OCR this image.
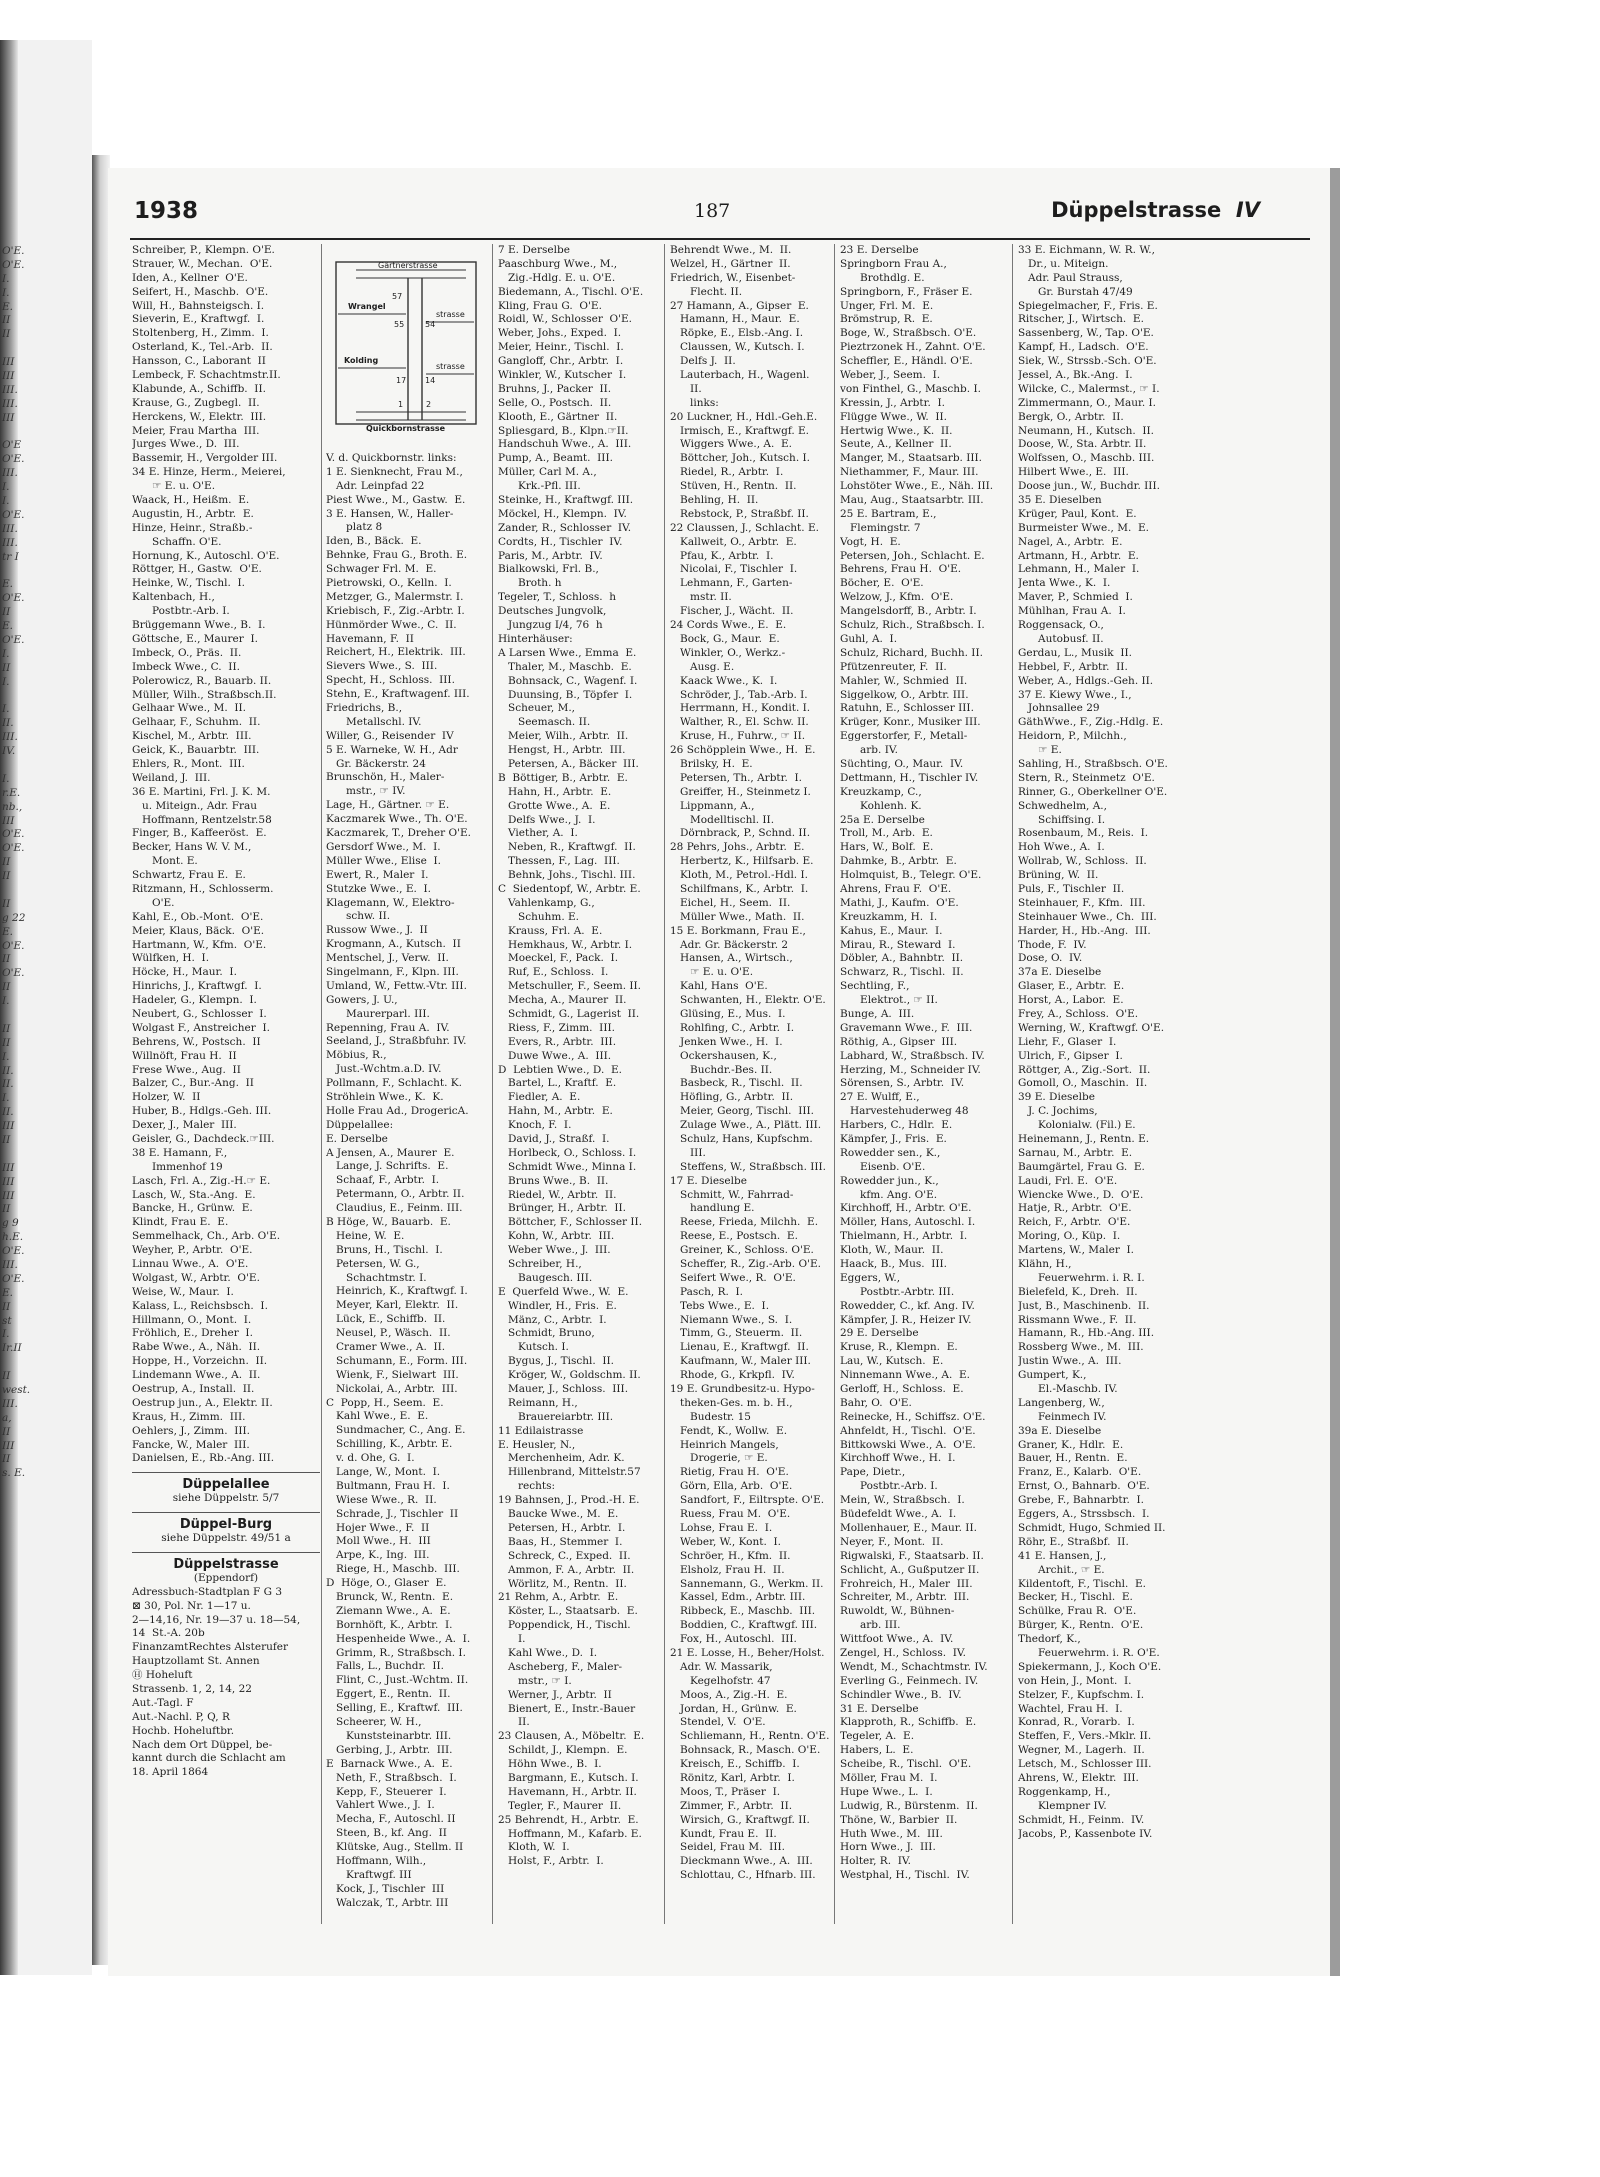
O'E.
O'E.
I.
I.
E.
II
II
III
III
III.
III.
III
O'E
O'E.
III.
I.
I.
O'E.
III.
III.
tr I
E.
O'E.
II
E.
O'E.
I.
II
I.
I.
II.
III.
IV.
I.
r.E.
nb.,
III
O'E.
O'E.
II
II
II
g 22
E.
O'E.
II
O'E.
II
I.
II
II
I.
II.
II.
I.
II.
III
II
III
III
III
II
g 9
h.E.
O'E.
III.
O'E.
E.
II
st
I.
Ir.II
II
west.
III.
a,
II
III
II
s. E.
1938	187	Düppelstrasse IV

Schreiber, P., Klempn. O'E.

Strauer, W., Mechan.  O'E.

Iden, A., Kellner  O'E.

Seifert, H., Maschb.  O'E.

Will, H., Bahnsteigsch. I.

Sieverin, E., Kraftwgf.  I.

Stoltenberg, H., Zimm.  I.

Osterland, K., Tel.-Arb.  II.

Hansson, C., Laborant  II

Lembeck, F. Schachtmstr.II.

Klabunde, A., Schiffb.  II.

Krause, G., Zugbegl.  II.

Herckens, W., Elektr.  III.

Meier, Frau Martha  III.

Jurges Wwe., D.  III.

Bassemir, H., Vergolder III.

34 E. Hinze, Herm., Meierei,

☞ E. u. O'E.

Waack, H., Heißm.  E.

Augustin, H., Arbtr.  E.

Hinze, Heinr., Straßb.-

Schaffn. O'E.

Hornung, K., Autoschl. O'E.

Röttger, H., Gastw.  O'E.

Heinke, W., Tischl.  I.

Kaltenbach, H.,

Postbtr.-Arb. I.

Brüggemann Wwe., B.  I.

Göttsche, E., Maurer  I.

Imbeck, O., Präs.  II.

Imbeck Wwe., C.  II.

Polerowicz, R., Bauarb. II.

Müller, Wilh., Straßbsch.II.

Gelhaar Wwe., M.  II.

Gelhaar, F., Schuhm.  II.

Kischel, M., Arbtr.  III.

Geick, K., Bauarbtr.  III.

Ehlers, R., Mont.  III.

Weiland, J.  III.

36 E. Martini, Frl. J. K. M.

u. Miteign., Adr. Frau

Hoffmann, Rentzelstr.58

Finger, B., Kaffeeröst.  E.

Becker, Hans W. V. M.,

Mont. E.

Schwartz, Frau E.  E.

Ritzmann, H., Schlosserm.

O'E.

Kahl, E., Ob.-Mont.  O'E.

Meier, Klaus, Bäck.  O'E.

Hartmann, W., Kfm.  O'E.

Wülfken, H.  I.

Höcke, H., Maur.  I.

Hinrichs, J., Kraftwgf.  I.

Hadeler, G., Klempn.  I.

Neubert, G., Schlosser  I.

Wolgast F., Anstreicher  I.

Behrens, W., Postsch.  II

Willnöft, Frau H.  II

Frese Wwe., Aug.  II

Balzer, C., Bur.-Ang.  II

Holzer, W.  II

Huber, B., Hdlgs.-Geh. III.

Dexer, J., Maler  III.

Geisler, G., Dachdeck.☞III.

38 E. Hamann, F.,

Immenhof 19

Lasch, Frl. A., Zig.-H.☞ E.

Lasch, W., Sta.-Ang.  E.

Bancke, H., Grünw.  E.

Klindt, Frau E.  E.

Semmelhack, Ch., Arb. O'E.

Weyher, P., Arbtr.  O'E.

Linnau Wwe., A.  O'E.

Wolgast, W., Arbtr.  O'E.

Weise, W., Maur.  I.

Kalass, L., Reichsbsch.  I.

Hillmann, O., Mont.  I.

Fröhlich, E., Dreher  I.

Rabe Wwe., A., Näh.  II.

Hoppe, H., Vorzeichn.  II.

Lindemann Wwe., A.  II.

Oestrup, A., Install.  II.

Oestrup jun., A., Elektr. II.

Kraus, H., Zimm.  III.

Oehlers, J., Zimm.  III.

Fancke, W., Maler  III.

Danielsen, E., Rb.-Ang. III.

Düppelallee

siehe Düppelstr. 5/7

Düppel-Burg

siehe Düppelstr. 49/51 a

Düppelstrasse

(Eppendorf)

Adressbuch-Stadtplan F G 3

⊠ 30, Pol. Nr. 1—17 u.

2—14,16, Nr. 19—37 u. 18—54,

14  St.-A. 20b

FinanzamtRechtes Alsterufer

Hauptzollamt St. Annen

Ⓗ Hoheluft

Strassenb. 1, 2, 14, 22

Aut.-Tagl. F

Aut.-Nachl. P, Q, R

Hochb. Hoheluftbr.

Nach dem Ort Düppel, be-

kannt durch die Schlacht am

18. April 1864

Gärtnerstrasse
Wrangel
strasse
Kolding
strasse
Quickbornstrasse
57
55	54
17 14
1	2

V. d. Quickbornstr. links:

1 E. Sienknecht, Frau M.,

Adr. Leinpfad 22

Piest Wwe., M., Gastw.  E.

3 E. Hansen, W., Haller-

platz 8

Iden, B., Bäck.  E.

Behnke, Frau G., Broth. E.

Schwager Frl. M.  E.

Pietrowski, O., Kelln.  I.

Metzger, G., Malermstr. I.

Kriebisch, F., Zig.-Arbtr. I.

Hünmörder Wwe., C.  II.

Havemann, F.  II

Reichert, H., Elektrik.  III.

Sievers Wwe., S.  III.

Specht, H., Schloss.  III.

Stehn, E., Kraftwagenf. III.

Friedrichs, B.,

Metallschl. IV.

Willer, G., Reisender  IV

5 E. Warneke, W. H., Adr

Gr. Bäckerstr. 24

Brunschön, H., Maler-

mstr., ☞ IV.

Lage, H., Gärtner. ☞ E.

Kaczmarek Wwe., Th. O'E.

Kaczmarek, T., Dreher O'E.

Gersdorf Wwe., M.  I.

Müller Wwe., Elise  I.

Ewert, R., Maler  I.

Stutzke Wwe., E.  I.

Klagemann, W., Elektro-

schw. II.

Russow Wwe., J.  II

Krogmann, A., Kutsch.  II

Mentschel, J., Verw.  II.

Singelmann, F., Klpn. III.

Umland, W., Fettw.-Vtr. III.

Gowers, J. U.,

Maurerparl. III.

Repenning, Frau A.  IV.

Seeland, J., Straßbfuhr. IV.

Möbius, R.,

Just.-Wchtm.a.D. IV.

Pollmann, F., Schlacht. K.

Ströhlein Wwe., K.  K.

Holle Frau Ad., DrogericA.

Düppelallee:

E. Derselbe

A Jensen, A., Maurer  E.

Lange, J. Schrifts.  E.

Schaaf, F., Arbtr.  I.

Petermann, O., Arbtr. II.

Claudius, E., Feinm. III.

B Höge, W., Bauarb.  E.

Heine, W.  E.

Bruns, H., Tischl.  I.

Petersen, W. G.,

Schachtmstr. I.

Heinrich, K., Kraftwgf. I.

Meyer, Karl, Elektr.  II.

Lück, E., Schiffb.  II.

Neusel, P., Wäsch.  II.

Cramer Wwe., A.  II.

Schumann, E., Form. III.

Wienk, F., Sielwart  III.

Nickolai, A., Arbtr.  III.

C  Popp, H., Seem.  E.

Kahl Wwe., E.  E.

Sundmacher, C., Ang. E.

Schilling, K., Arbtr. E.

v. d. Ohe, G.  I.

Lange, W., Mont.  I.

Bultmann, Frau H.  I.

Wiese Wwe., R.  II.

Schrade, J., Tischler  II

Hojer Wwe., F.  II

Moll Wwe., H.  III

Arpe, K., Ing.  III.

Riege, H., Maschb.  III.

D  Höge, O., Glaser  E.

Brunck, W., Rentn.  E.

Ziemann Wwe., A.  E.

Bornhöft, K., Arbtr.  I.

Hespenheide Wwe., A.  I.

Grimm, R., Straßbsch. I.

Falls, L., Buchdr.  II.

Flint, C., Just.-Wchtm. II.

Eggert, E., Rentn.  II.

Selling, E., Kraftwf.  III.

Scheerer, W. H.,

Kunststeinarbtr. III.

Gerbing, J., Arbtr.  III.

E  Barnack Wwe., A.  E.

Neth, F., Straßbsch.  I.

Kepp, F., Steuerer  I.

Vahlert Wwe., J.  I.

Mecha, F., Autoschl. II

Steen, B., kf. Ang.  II

Klütske, Aug., Stellm. II

Hoffmann, Wilh.,

Kraftwgf. III

Kock, J., Tischler  III

Walczak, T., Arbtr. III

7 E. Derselbe

Paaschburg Wwe., M.,

Zig.-Hdlg. E. u. O'E.

Biedemann, A., Tischl. O'E.

Kling, Frau G.  O'E.

Roidl, W., Schlosser  O'E.

Weber, Johs., Exped.  I.

Meier, Heinr., Tischl.  I.

Gangloff, Chr., Arbtr.  I.

Winkler, W., Kutscher  I.

Bruhns, J., Packer  II.

Selle, O., Postsch.  II.

Klooth, E., Gärtner  II.

Spliesgard, B., Klpn.☞II.

Handschuh Wwe., A.  III.

Pump, A., Beamt.  III.

Müller, Carl M. A.,

Krk.-Pfl. III.

Steinke, H., Kraftwgf. III.

Möckel, H., Klempn.  IV.

Zander, R., Schlosser  IV.

Cordts, H., Tischler  IV.

Paris, M., Arbtr.  IV.

Bialkowski, Frl. B.,

Broth. h

Tegeler, T., Schloss.  h

Deutsches Jungvolk,

Jungzug I/4, 76  h

Hinterhäuser:

A Larsen Wwe., Emma  E.

Thaler, M., Maschb.  E.

Bohnsack, C., Wagenf. I.

Duunsing, B., Töpfer  I.

Scheuer, M.,

Seemasch. II.

Meier, Wilh., Arbtr.  II.

Hengst, H., Arbtr.  III.

Petersen, A., Bäcker  III.

B  Böttiger, B., Arbtr.  E.

Hahn, H., Arbtr.  E.

Grotte Wwe., A.  E.

Delfs Wwe., J.  I.

Viether, A.  I.

Neben, R., Kraftwgf.  II.

Thessen, F., Lag.  III.

Behnk, Johs., Tischl. III.

C  Siedentopf, W., Arbtr. E.

Vahlenkamp, G.,

Schuhm. E.

Krauss, Frl. A.  E.

Hemkhaus, W., Arbtr. I.

Moeckel, F., Pack.  I.

Ruf, E., Schloss.  I.

Metschuller, F., Seem. II.

Mecha, A., Maurer  II.

Schmidt, G., Lagerist  II.

Riess, F., Zimm.  III.

Evers, R., Arbtr.  III.

Duwe Wwe., A.  III.

D  Lebtien Wwe., D.  E.

Bartel, L., Kraftf.  E.

Fiedler, A.  E.

Hahn, M., Arbtr.  E.

Knoch, F.  I.

David, J., Straßf.  I.

Horlbeck, O., Schloss. I.

Schmidt Wwe., Minna I.

Bruns Wwe., B.  II.

Riedel, W., Arbtr.  II.

Brünger, H., Arbtr.  II.

Böttcher, F., Schlosser II.

Kohn, W., Arbtr.  III.

Weber Wwe., J.  III.

Schreiber, H.,

Baugesch. III.

E  Querfeld Wwe., W.  E.

Windler, H., Fris.  E.

Mänz, C., Arbtr.  I.

Schmidt, Bruno,

Kutsch. I.

Bygus, J., Tischl.  II.

Kröger, W., Goldschm. II.

Mauer, J., Schloss.  III.

Reimann, H.,

Brauereiarbtr. III.

11 Edilaistrasse

E. Heusler, N.,

Merchenheim, Adr. K.

Hillenbrand, Mittelstr.57

rechts:

19 Bahnsen, J., Prod.-H. E.

Baucke Wwe., M.  E.

Petersen, H., Arbtr.  I.

Baas, H., Stemmer  I.

Schreck, C., Exped.  II.

Ammon, F. A., Arbtr.  II.

Wörlitz, M., Rentn.  II.

21 Rehm, A., Arbtr.  E.

Köster, L., Staatsarb.  E.

Poppendick, H., Tischl.

I.

Kahl Wwe., D.  I.

Ascheberg, F., Maler-

mstr., ☞ I.

Werner, J., Arbtr.  II

Bienert, E., Instr.-Bauer

II.

23 Clausen, A., Möbeltr.  E.

Schildt, J., Klempn.  E.

Höhn Wwe., B.  I.

Bargmann, E., Kutsch. I.

Havemann, H., Arbtr. II.

Tegler, F., Maurer  II.

25 Behrendt, H., Arbtr.  E.

Hoffmann, M., Kafarb. E.

Kloth, W.  I.

Holst, F., Arbtr.  I.

Behrendt Wwe., M.  II.

Welzel, H., Gärtner  II.

Friedrich, W., Eisenbet-

Flecht. II.

27 Hamann, A., Gipser  E.

Hamann, H., Maur.  E.

Röpke, E., Elsb.-Ang. I.

Claussen, W., Kutsch. I.

Delfs J.  II.

Lauterbach, H., Wagenl.

II.

links:

20 Luckner, H., Hdl.-Geh.E.

Irmisch, E., Kraftwgf. E.

Wiggers Wwe., A.  E.

Böttcher, Joh., Kutsch. I.

Riedel, R., Arbtr.  I.

Stüven, H., Rentn.  II.

Behling, H.  II.

Rebstock, P., Straßbf. II.

22 Claussen, J., Schlacht. E.

Kallweit, O., Arbtr.  E.

Pfau, K., Arbtr.  I.

Nicolai, F., Tischler  I.

Lehmann, F., Garten-

mstr. II.

Fischer, J., Wächt.  II.

24 Cords Wwe., E.  E.

Bock, G., Maur.  E.

Winkler, O., Werkz.-

Ausg. E.

Kaack Wwe., K.  I.

Schröder, J., Tab.-Arb. I.

Herrmann, H., Kondit. I.

Walther, R., El. Schw. II.

Kruse, H., Fuhrw., ☞ II.

26 Schöpplein Wwe., H.  E.

Brilsky, H.  E.

Petersen, Th., Arbtr.  I.

Greiffer, H., Steinmetz I.

Lippmann, A.,

Modelltischl. II.

Dörnbrack, P., Schnd. II.

28 Pehrs, Johs., Arbtr.  E.

Herbertz, K., Hilfsarb. E.

Kloth, M., Petrol.-Hdl. I.

Schilfmans, K., Arbtr.  I.

Eichel, H., Seem.  II.

Müller Wwe., Math.  II.

15 E. Borkmann, Frau E.,

Adr. Gr. Bäckerstr. 2

Hansen, A., Wirtsch.,

☞ E. u. O'E.

Kahl, Hans  O'E.

Schwanten, H., Elektr. O'E.

Glüsing, E., Mus.  I.

Rohlfing, C., Arbtr.  I.

Jenken Wwe., H.  I.

Ockershausen, K.,

Buchdr.-Bes. II.

Basbeck, R., Tischl.  II.

Höfling, G., Arbtr.  II.

Meier, Georg, Tischl.  III.

Zulage Wwe., A., Plätt. III.

Schulz, Hans, Kupfschm.

III.

Steffens, W., Straßbsch. III.

17 E. Dieselbe

Schmitt, W., Fahrrad-

handlung E.

Reese, Frieda, Milchh.  E.

Reese, E., Postsch.  E.

Greiner, K., Schloss. O'E.

Scheffer, R., Zig.-Arb. O'E.

Seifert Wwe., R.  O'E.

Pasch, R.  I.

Tebs Wwe., E.  I.

Niemann Wwe., S.  I.

Timm, G., Steuerm.  II.

Lienau, E., Kraftwgf.  II.

Kaufmann, W., Maler III.

Rhode, G., Krkpfl.  IV.

19 E. Grundbesitz-u. Hypo-

theken-Ges. m. b. H.,

Budestr. 15

Fendt, K., Wollw.  E.

Heinrich Mangels,

Drogerie, ☞ E.

Rietig, Frau H.  O'E.

Görn, Ella, Arb.  O'E.

Sandfort, F., Eiltrspte. O'E.

Ruess, Frau M.  O'E.

Lohse, Frau E.  I.

Weber, W., Kont.  I.

Schröer, H., Kfm.  II.

Elsholz, Frau H.  II.

Sannemann, G., Werkm. II.

Kassel, Edm., Arbtr. III.

Ribbeck, E., Maschb.  III.

Boddien, C., Kraftwgf. III.

Fox, H., Autoschl.  III.

21 E. Losse, H., Beher/Holst.

Adr. W. Massarik,

Kegelhofstr. 47

Moos, A., Zig.-H.  E.

Jordan, H., Grünw.  E.

Stendel, V.  O'E.

Schliemann, H., Rentn. O'E.

Bohnsack, R., Masch. O'E.

Kreisch, E., Schiffb.  I.

Rönitz, Karl, Arbtr.  I.

Moos, T., Präser  I.

Zimmer, F., Arbtr.  II.

Wirsich, G., Kraftwgf. II.

Kundt, Frau E.  II.

Seidel, Frau M.  III.

Dieckmann Wwe., A.  III.

Schlottau, C., Hfnarb. III.

23 E. Derselbe

Springborn Frau A.,

Brothdlg. E.

Springborn, F., Fräser E.

Unger, Frl. M.  E.

Brömstrup, R.  E.

Boge, W., Straßbsch. O'E.

Pieztrzonek H., Zahnt. O'E.

Scheffler, E., Händl. O'E.

Weber, J., Seem.  I.

von Finthel, G., Maschb. I.

Kressin, J., Arbtr.  I.

Flügge Wwe., W.  II.

Hertwig Wwe., K.  II.

Seute, A., Kellner  II.

Manger, M., Staatsarb. III.

Niethammer, F., Maur. III.

Lohstöter Wwe., E., Näh. III.

Mau, Aug., Staatsarbtr. III.

25 E. Bartram, E.,

Flemingstr. 7

Vogt, H.  E.

Petersen, Joh., Schlacht. E.

Behrens, Frau H.  O'E.

Böcher, E.  O'E.

Welzow, J., Kfm.  O'E.

Mangelsdorff, B., Arbtr. I.

Schulz, Rich., Straßbsch. I.

Guhl, A.  I.

Schulz, Richard, Buchh. II.

Pfützenreuter, F.  II.

Mahler, W., Schmied  II.

Siggelkow, O., Arbtr. III.

Ratuhn, E., Schlosser III.

Krüger, Konr., Musiker III.

Eggerstorfer, F., Metall-

arb. IV.

Süchting, O., Maur.  IV.

Dettmann, H., Tischler IV.

Kreuzkamp, C.,

Kohlenh. K.

25a E. Derselbe

Troll, M., Arb.  E.

Hars, W., Bolf.  E.

Dahmke, B., Arbtr.  E.

Holmquist, B., Telegr. O'E.

Ahrens, Frau F.  O'E.

Mathi, J., Kaufm.  O'E.

Kreuzkamm, H.  I.

Kahus, E., Maur.  I.

Mirau, R., Steward  I.

Döbler, A., Bahnbtr.  II.

Schwarz, R., Tischl.  II.

Sechtling, F.,

Elektrot., ☞ II.

Bunge, A.  III.

Gravemann Wwe., F.  III.

Röthig, A., Gipser  III.

Labhard, W., Straßbsch. IV.

Herzing, M., Schneider IV.

Sörensen, S., Arbtr.  IV.

27 E. Wulff, E.,

Harvestehuderweg 48

Harbers, C., Hdlr.  E.

Kämpfer, J., Fris.  E.

Rowedder sen., K.,

Eisenb. O'E.

Rowedder jun., K.,

kfm. Ang. O'E.

Kirchhoff, H., Arbtr. O'E.

Möller, Hans, Autoschl. I.

Thielmann, H., Arbtr.  I.

Kloth, W., Maur.  II.

Haack, B., Mus.  III.

Eggers, W.,

Postbtr.-Arbtr. III.

Rowedder, C., kf. Ang. IV.

Kämpfer, J. R., Heizer IV.

29 E. Derselbe

Kruse, R., Klempn.  E.

Lau, W., Kutsch.  E.

Ninnemann Wwe., A.  E.

Gerloff, H., Schloss.  E.

Bahr, O.  O'E.

Reinecke, H., Schiffsz. O'E.

Ahnfeldt, H., Tischl.  O'E.

Bittkowski Wwe., A.  O'E.

Kirchhoff Wwe., H.  I.

Pape, Dietr.,

Postbtr.-Arb. I.

Mein, W., Straßbsch.  I.

Büdefeldt Wwe., A.  I.

Mollenhauer, E., Maur. II.

Neyer, F., Mont.  II.

Rigwalski, F., Staatsarb. II.

Schlicht, A., Gußputzer II.

Frohreich, H., Maler  III.

Schreiter, M., Arbtr.  III.

Ruwoldt, W., Bühnen-

arb. III.

Wittfoot Wwe., A.  IV.

Zengel, H., Schloss.  IV.

Wendt, M., Schachtmstr. IV.

Everling G., Feinmech. IV.

Schindler Wwe., B.  IV.

31 E. Derselbe

Klapproth, R., Schiffb.  E.

Tegeler, A.  E.

Habers, L.  E.

Scheibe, R., Tischl.  O'E.

Möller, Frau M.  I.

Hupe Wwe., L.  I.

Ludwig, R., Bürstenm.  II.

Thöne, W., Barbier  II.

Huth Wwe., M.  III.

Horn Wwe., J.  III.

Holter, R.  IV.

Westphal, H., Tischl.  IV.

33 E. Eichmann, W. R. W.,

Dr., u. Miteign.

Adr. Paul Strauss,

Gr. Burstah 47/49

Spiegelmacher, F., Fris. E.

Ritscher, J., Wirtsch.  E.

Sassenberg, W., Tap. O'E.

Kampf, H., Ladsch.  O'E.

Siek, W., Strssb.-Sch. O'E.

Jessel, A., Bk.-Ang.  I.

Wilcke, C., Malermst., ☞ I.

Zimmermann, O., Maur. I.

Bergk, O., Arbtr.  II.

Neumann, H., Kutsch.  II.

Doose, W., Sta. Arbtr. II.

Wolfssen, O., Maschb. III.

Hilbert Wwe., E.  III.

Doose jun., W., Buchdr. III.

35 E. Dieselben

Krüger, Paul, Kont.  E.

Burmeister Wwe., M.  E.

Nagel, A., Arbtr.  E.

Artmann, H., Arbtr.  E.

Lehmann, H., Maler  I.

Jenta Wwe., K.  I.

Maver, P., Schmied  I.

Mühlhan, Frau A.  I.

Roggensack, O.,

Autobusf. II.

Gerdau, L., Musik  II.

Hebbel, F., Arbtr.  II.

Weber, A., Hdlgs.-Geh. II.

37 E. Kiewy Wwe., I.,

Johnsallee 29

GäthWwe., F., Zig.-Hdlg. E.

Heidorn, P., Milchh.,

☞ E.

Sahling, H., Straßbsch. O'E.

Stern, R., Steinmetz  O'E.

Rinner, G., Oberkellner O'E.

Schwedhelm, A.,

Schiffsing. I.

Rosenbaum, M., Reis.  I.

Hoh Wwe., A.  I.

Wollrab, W., Schloss.  II.

Brüning, W.  II.

Puls, F., Tischler  II.

Steinhauer, F., Kfm.  III.

Steinhauer Wwe., Ch.  III.

Harder, H., Hb.-Ang.  III.

Thode, F.  IV.

Dose, O.  IV.

37a E. Dieselbe

Glaser, E., Arbtr.  E.

Horst, A., Labor.  E.

Frey, A., Schloss.  O'E.

Werning, W., Kraftwgf. O'E.

Liehr, F., Glaser  I.

Ulrich, F., Gipser  I.

Röttger, A., Zig.-Sort.  II.

Gomoll, O., Maschin.  II.

39 E. Dieselbe

J. C. Jochims,

Kolonialw. (Fil.) E.

Heinemann, J., Rentn. E.

Sarnau, M., Arbtr.  E.

Baumgärtel, Frau G.  E.

Laudi, Frl. E.  O'E.

Wiencke Wwe., D.  O'E.

Hatje, R., Arbtr.  O'E.

Reich, F., Arbtr.  O'E.

Moring, O., Küp.  I.

Martens, W., Maler  I.

Klähn, H.,

Feuerwehrm. i. R. I.

Bielefeld, K., Dreh.  II.

Just, B., Maschinenb.  II.

Rissmann Wwe., F.  II.

Hamann, R., Hb.-Ang. III.

Rossberg Wwe., M.  III.

Justin Wwe., A.  III.

Gumpert, K.,

El.-Maschb. IV.

Langenberg, W.,

Feinmech IV.

39a E. Dieselbe

Graner, K., Hdlr.  E.

Bauer, H., Rentn.  E.

Franz, E., Kalarb.  O'E.

Ernst, O., Bahnarb.  O'E.

Grebe, F., Bahnarbtr.  I.

Eggers, A., Strssbsch.  I.

Schmidt, Hugo, Schmied II.

Röhr, E., Straßbf.  II.

41 E. Hansen, J.,

Archit., ☞ E.

Kildentoft, F., Tischl.  E.

Becker, H., Tischl.  E.

Schülke, Frau R.  O'E.

Bürger, K., Rentn.  O'E.

Thedorf, K.,

Feuerwehrm. i. R. O'E.

Spiekermann, J., Koch O'E.

von Hein, J., Mont.  I.

Stelzer, F., Kupfschm. I.

Wachtel, Frau H.  I.

Konrad, R., Vorarb.  I.

Steffen, F., Vers.-Mklr. II.

Wegner, M., Lagerh.  II.

Letsch, M., Schlosser III.

Ahrens, W., Elektr.  III.

Roggenkamp, H.,

Klempner IV.

Schmidt, H., Feinm.  IV.

Jacobs, P., Kassenbote IV.
